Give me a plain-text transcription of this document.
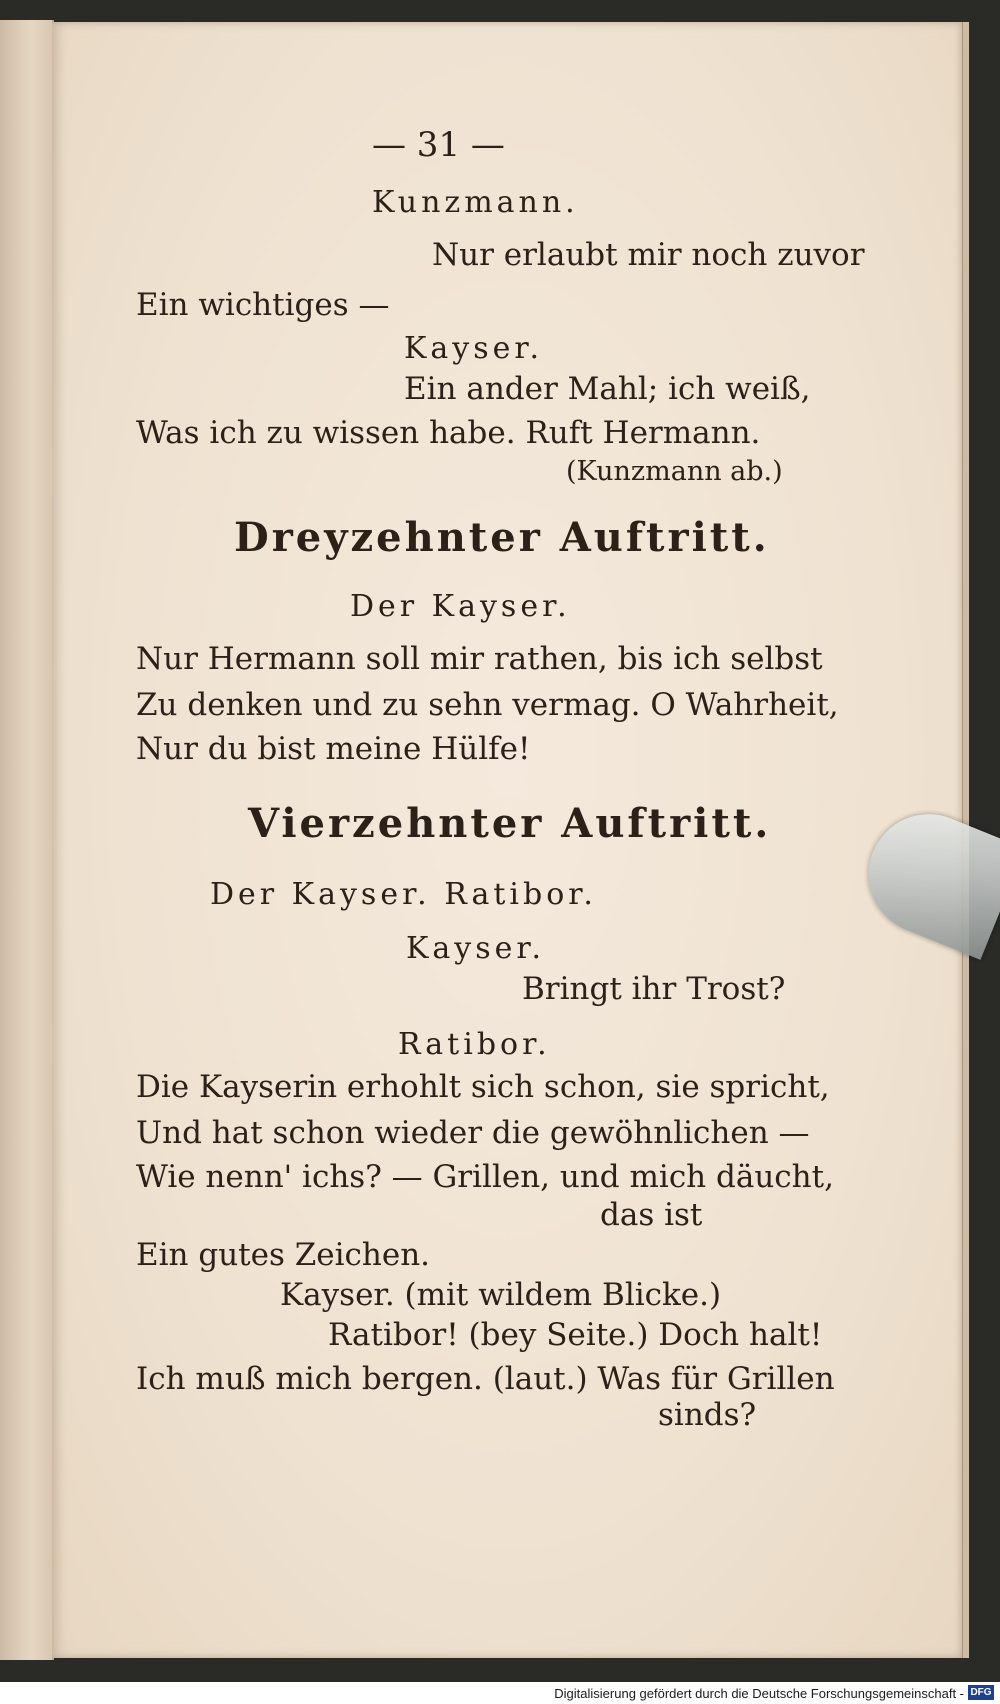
— 31 —
Kunzmann.
Nur erlaubt mir noch zuvor
Ein wichtiges —
Kayser.
Ein ander Mahl; ich weiß,
Was ich zu wissen habe. Ruft Hermann.
(Kunzmann ab.)
Dreyzehnter Auftritt.
Der Kayser.
Nur Hermann soll mir rathen, bis ich selbst
Zu denken und zu sehn vermag. O Wahrheit,
Nur du bist meine Hülfe!
Vierzehnter Auftritt.
Der Kayser. Ratibor.
Kayser.
Bringt ihr Trost?
Ratibor.
Die Kayserin erhohlt sich schon, sie spricht,
Und hat schon wieder die gewöhnlichen —
Wie nenn' ichs? — Grillen, und mich däucht,
das ist
Ein gutes Zeichen.
Kayser. (mit wildem Blicke.)
Ratibor! (bey Seite.) Doch halt!
Ich muß mich bergen. (laut.) Was für Grillen
sinds?
Digitalisierung gefördert durch die Deutsche Forschungsgemeinschaft - DFG
